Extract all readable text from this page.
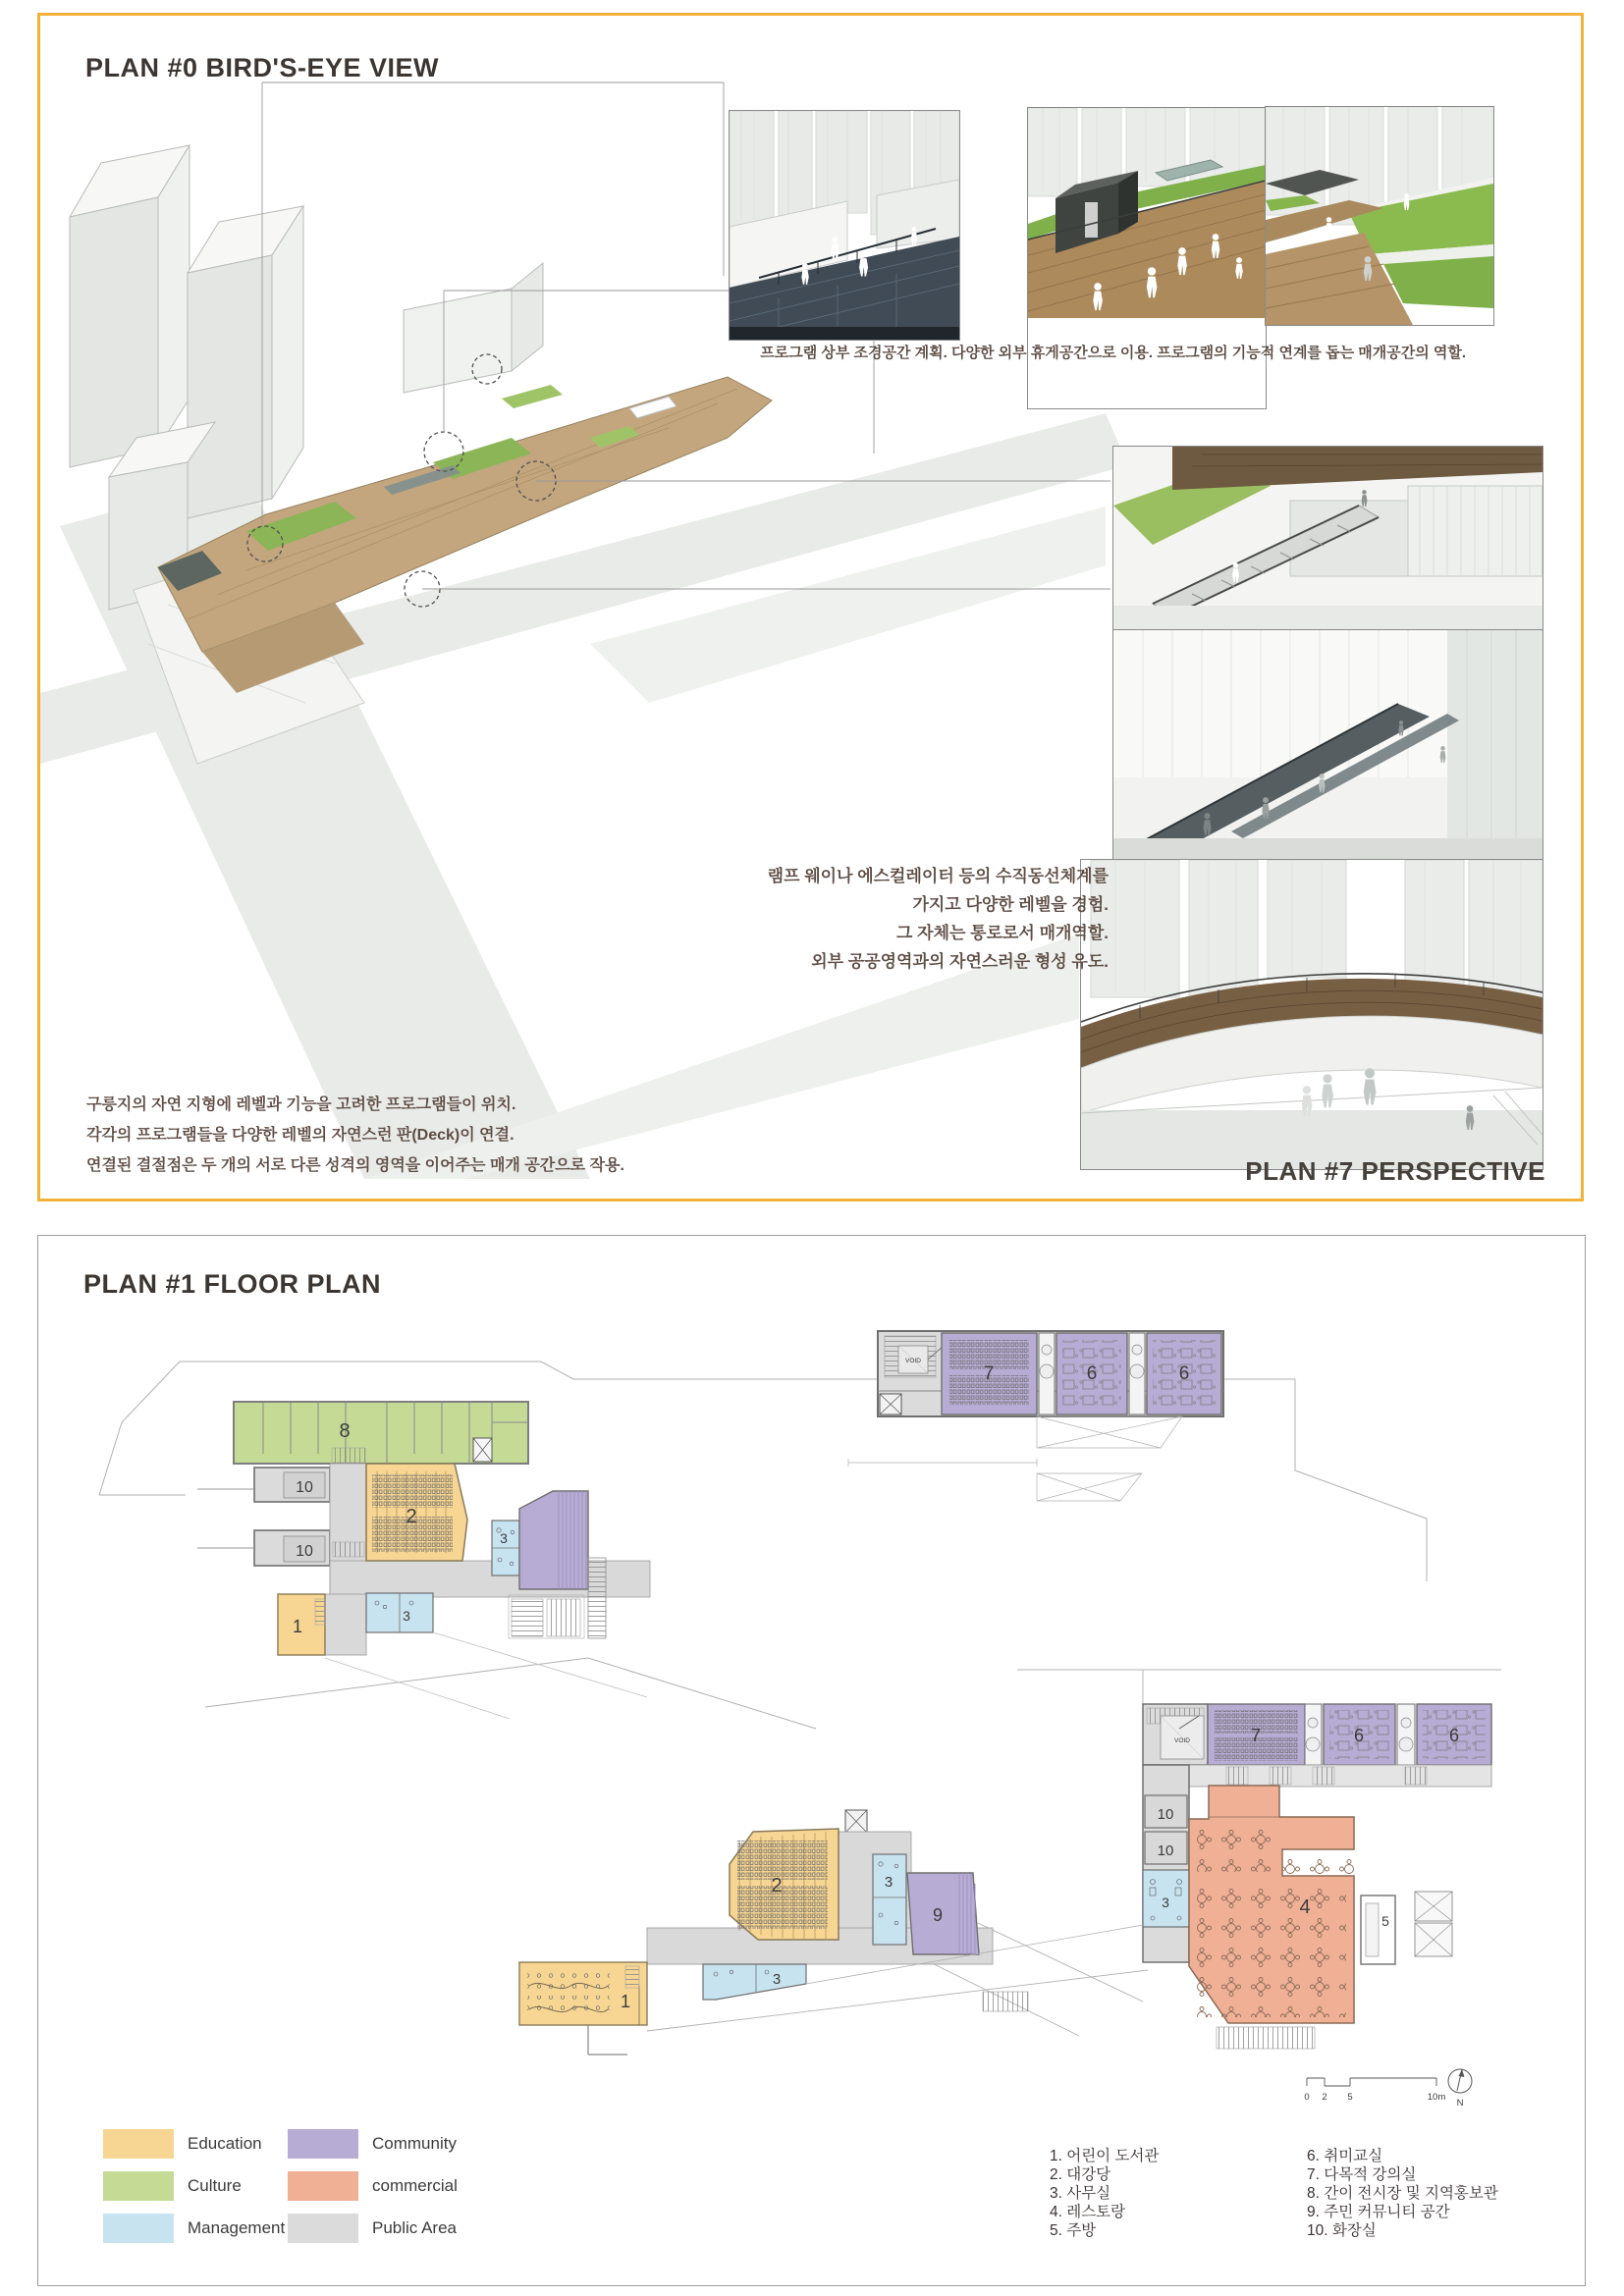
PLAN #0 BIRD'S-EYE VIEW
프로그램 상부 조경공간 계획. 다양한 외부 휴게공간으로 이용. 프로그램의 기능적 연계를 돕는 매개공간의 역할.
램프 웨이나 에스컬레이터 등의 수직동선체계를
가지고 다양한 레벨을 경험.
그 자체는 통로로서 매개역할.
외부 공공영역과의 자연스러운 형성 유도.
구릉지의 자연 지형에 레벨과 기능을 고려한 프로그램들이 위치.
각각의 프로그램들을 다양한 레벨의 자연스런 판(Deck)이 연결.
연결된 결절점은 두 개의 서로 다른 성격의 영역을 이어주는 매개 공간으로 작용.	PLAN #7 PERSPECTIVE
PLAN #1 FLOOR PLAN
VOID
7	6	6
8
10
10
2
3
1
3
VOID	7	6	6
10
10
3	4
5
2	3
9
1
3
0 2 5	10m
N
Education	Community
Culture	commercial
Management	Public Area
1. 어린이 도서관
2. 대강당
3. 사무실
4. 레스토랑
5. 주방
6. 취미교실
7. 다목적 강의실
8. 간이 전시장 및 지역홍보관
9. 주민 커뮤니티 공간
10. 화장실
